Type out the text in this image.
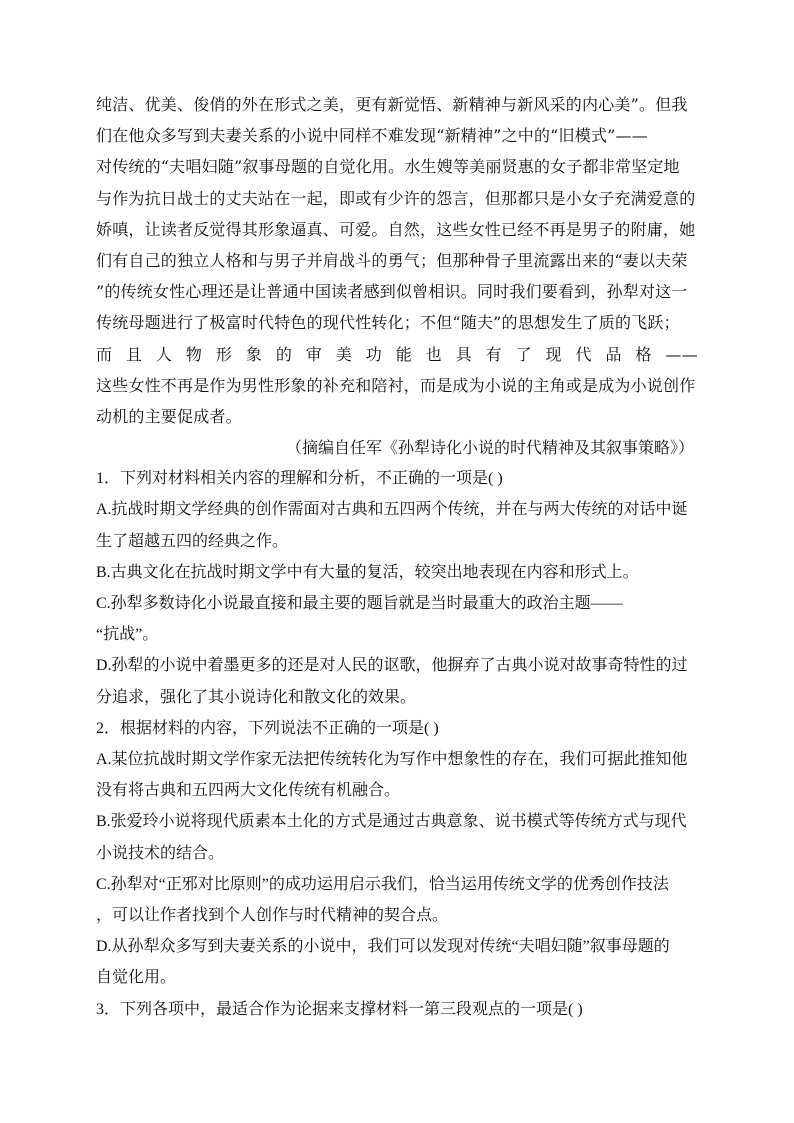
纯洁、优美、俊俏的外在形式之美，更有新觉悟、新精神与新风采的内心美”。但我
们在他众多写到夫妻关系的小说中同样不难发现“新精神”之中的“旧模式”——
对传统的“夫唱妇随”叙事母题的自觉化用。水生嫂等美丽贤惠的女子都非常坚定地
与作为抗日战士的丈夫站在一起，即或有少许的怨言，但那都只是小女子充满爱意的
娇嗔，让读者反觉得其形象逼真、可爱。自然，这些女性已经不再是男子的附庸，她
们有自己的独立人格和与男子并肩战斗的勇气；但那种骨子里流露出来的“妻以夫荣
”的传统女性心理还是让普通中国读者感到似曾相识。同时我们要看到，孙犁对这一
传统母题进行了极富时代特色的现代性转化；不但“随夫”的思想发生了质的飞跃；
而 且 人 物 形 象 的 审 美 功 能 也 具 有 了 现 代 品 格 ——
这些女性不再是作为男性形象的补充和陪衬，而是成为小说的主角或是成为小说创作
动机的主要促成者。
（摘编自任军《孙犁诗化小说的时代精神及其叙事策略》）
1．下列对材料相关内容的理解和分析，不正确的一项是( )
A.抗战时期文学经典的创作需面对古典和五四两个传统，并在与两大传统的对话中诞
生了超越五四的经典之作。
B.古典文化在抗战时期文学中有大量的复活，较突出地表现在内容和形式上。
C.孙犁多数诗化小说最直接和最主要的题旨就是当时最重大的政治主题——
“抗战”。
D.孙犁的小说中着墨更多的还是对人民的讴歌，他摒弃了古典小说对故事奇特性的过
分追求，强化了其小说诗化和散文化的效果。
2．根据材料的内容，下列说法不正确的一项是( )
A.某位抗战时期文学作家无法把传统转化为写作中想象性的存在，我们可据此推知他
没有将古典和五四两大文化传统有机融合。
B.张爱玲小说将现代质素本土化的方式是通过古典意象、说书模式等传统方式与现代
小说技术的结合。
C.孙犁对“正邪对比原则”的成功运用启示我们，恰当运用传统文学的优秀创作技法
，可以让作者找到个人创作与时代精神的契合点。
D.从孙犁众多写到夫妻关系的小说中，我们可以发现对传统“夫唱妇随”叙事母题的
自觉化用。
3．下列各项中，最适合作为论据来支撑材料一第三段观点的一项是( )
